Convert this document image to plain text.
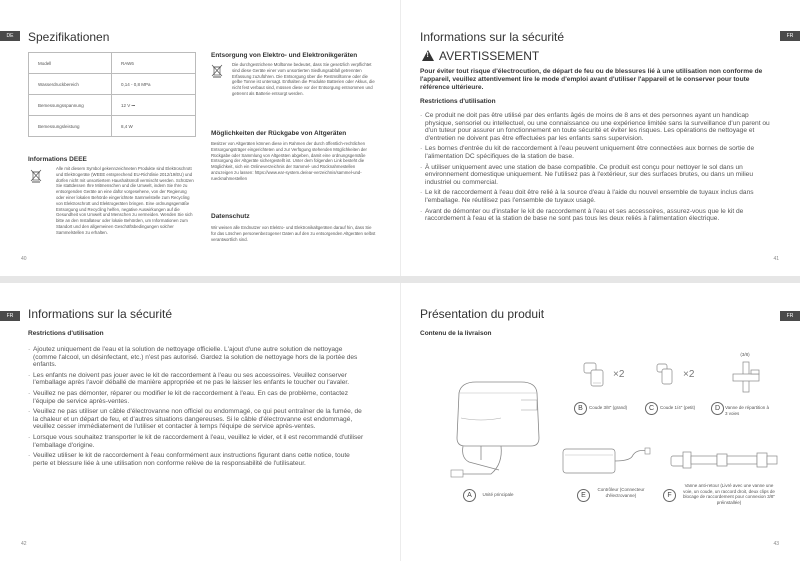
DE	Spezifikationen
Modell	RAW6
Wasserdruckbereich	0,14 - 0,8 MPa
Bemessungsspannung	12 V ⎓
Bemessungsleistung	8,4 W
Informations DEEE

Alle mit diesem Symbol gekennzeichneten Produkte sind Elektroschrott und Elektrogeräte (WEEE entsprechend EU-Richtlinie 2012/19/EU) und dürfen nicht mit unsortiertem Haushaltsmüll vermischt werden. Schützen Sie stattdessen Ihre Mitmenschen und die Umwelt, indem Sie Ihre zu entsorgenden Geräte an eine dafür vorgesehene, von der Regierung oder einer lokalen Behörde eingerichtete Sammelstelle zum Recycling von Elektroschrott und Elektrogeräten bringen. Eine ordnungsgemäße Entsorgung und Recycling helfen, negative Auswirkungen auf die Gesundheit von Umwelt und Menschen zu vermeiden. Wenden Sie sich bitte an den Installateur oder lokale Behörden, um Informationen zum Standort und den allgemeinen Geschäftsbedingungen solcher Sammelstellen zu erhalten.

Entsorgung von Elektro- und Elektronikgeräten

Die durchgestrichene Mülltonne bedeutet, dass Sie gesetzlich verpflichtet sind diese Geräte einer vom unsortierten Siedlungsabfall getrennten Erfassung zuzuführen. Die Entsorgung über die Restmülltonne oder die gelbe Tonne ist untersagt. Enthalten die Produkte Batterien oder Akkus, die nicht fest verbaut sind, müssen diese vor der Entsorgung entnommen und getrennt als Batterie entsorgt werden.

Möglichkeiten der Rückgabe von Altgeräten

Besitzer von Altgeräten können diese im Rahmen der durch öffentlich-rechtlichen Entsorgungsträger eingerichteten und zur Verfügung stehenden Möglichkeiten der Rückgabe oder Sammlung von Altgeräten abgeben, damit eine ordnungsgemäße Entsorgung der Altgeräte sichergestellt ist. Unter dem folgenden Link besteht die Möglichkeit, sich ein Onlineverzeichnis der Sammel- und Rücknahmestellen anzuzeigen zu lassen: https://www.ear-system.de/ear-verzeichnis/sammel-und-ruecknahmestellen

Datenschutz

Wir weisen alle Endnutzer von Elektro- und Elektronikaltgeräten darauf hin, dass Sie für das Löschen personenbezogener Daten auf den zu entsorgenden Altgeräten selbst verantwortlich sind.

40
FR
Informations sur la sécurité
!AVERTISSEMENT

Pour éviter tout risque d'électrocution, de départ de feu ou de blessures lié à une utilisation non conforme de l'appareil, veuillez attentivement lire le mode d'emploi avant d'utiliser l'appareil et le conserver pour toute référence ultérieure.

Restrictions d'utilisation
· Ce produit ne doit pas être utilisé par des enfants âgés de moins de 8 ans et des personnes ayant un handicap physique, sensoriel ou intellectuel, ou une connaissance ou une expérience limitée sans la surveillance d'un parent ou d'un tuteur pour assurer un fonctionnement en toute sécurité et éviter les risques. Les opérations de nettoyage et d'entretien ne doivent pas être effectuées par les enfants sans supervision.
· Les bornes d'entrée du kit de raccordement à l'eau peuvent uniquement être connectées aux bornes de sortie de l'alimentation DC spécifiques de la station de base.
· À utiliser uniquement avec une station de base compatible. Ce produit est conçu pour nettoyer le sol dans un environnement domestique uniquement. Ne l'utilisez pas à l'extérieur, sur des surfaces brutes, ou dans un milieu industriel ou commercial.
· Le kit de raccordement à l'eau doit être relié à la source d'eau à l'aide du nouvel ensemble de tuyaux inclus dans l'emballage. Ne réutilisez pas l'ensemble de tuyaux usagé.
· Avant de démonter ou d'installer le kit de raccordement à l'eau et ses accessoires, assurez-vous que le kit de raccordement à l'eau et la station de base ne sont pas tous les deux reliés à l'alimentation électrique.
41
FR	Informations sur la sécurité
Restrictions d'utilisation
· Ajoutez uniquement de l'eau et la solution de nettoyage officielle. L'ajout d'une autre solution de nettoyage (comme l'alcool, un désinfectant, etc.) n'est pas autorisé. Gardez la solution de nettoyage hors de la portée des enfants.
· Les enfants ne doivent pas jouer avec le kit de raccordement à l'eau ou ses accessoires. Veuillez conserver l'emballage après l'avoir déballé de manière appropriée et ne pas le laisser les enfants le toucher ou l'avaler.
· Veuillez ne pas démonter, réparer ou modifier le kit de raccordement à l'eau. En cas de problème, contactez l'équipe de service après-ventes.
· Veuillez ne pas utiliser un câble d'électrovanne non officiel ou endommagé, ce qui peut entraîner de la fumée, de la chaleur et un départ de feu, et d'autres situations dangereuses. Si le câble d'électrovanne est endommagé, veuillez cesser immédiatement de l'utiliser et contacter à temps l'équipe de service après-ventes.
· Lorsque vous souhaitez transporter le kit de raccordement à l'eau, veuillez le vider, et il est recommandé d'utiliser l'emballage d'origine.
· Veuillez utiliser le kit de raccordement à l'eau conformément aux instructions figurant dans cette notice, toute perte et blessure liée à une utilisation non conforme relève de la responsabilité de l'utilisateur.
42
FR
Présentation du produit
Contenu de la livraison
A	Unité principale
×2
B	Coude 3/8" (grand)
×2
C	Coude 1/4" (petit)
(3/8)
D	Vanne de répartition à 3 voies
E
Contrôleur (Connecteur d'électrovanne)	F
Vanne anti-retour (Livré avec une vanne une voie, un coude, un raccord droit, deux clips de blocage de raccordement pour connexion 3/8" préinstallée)
43
